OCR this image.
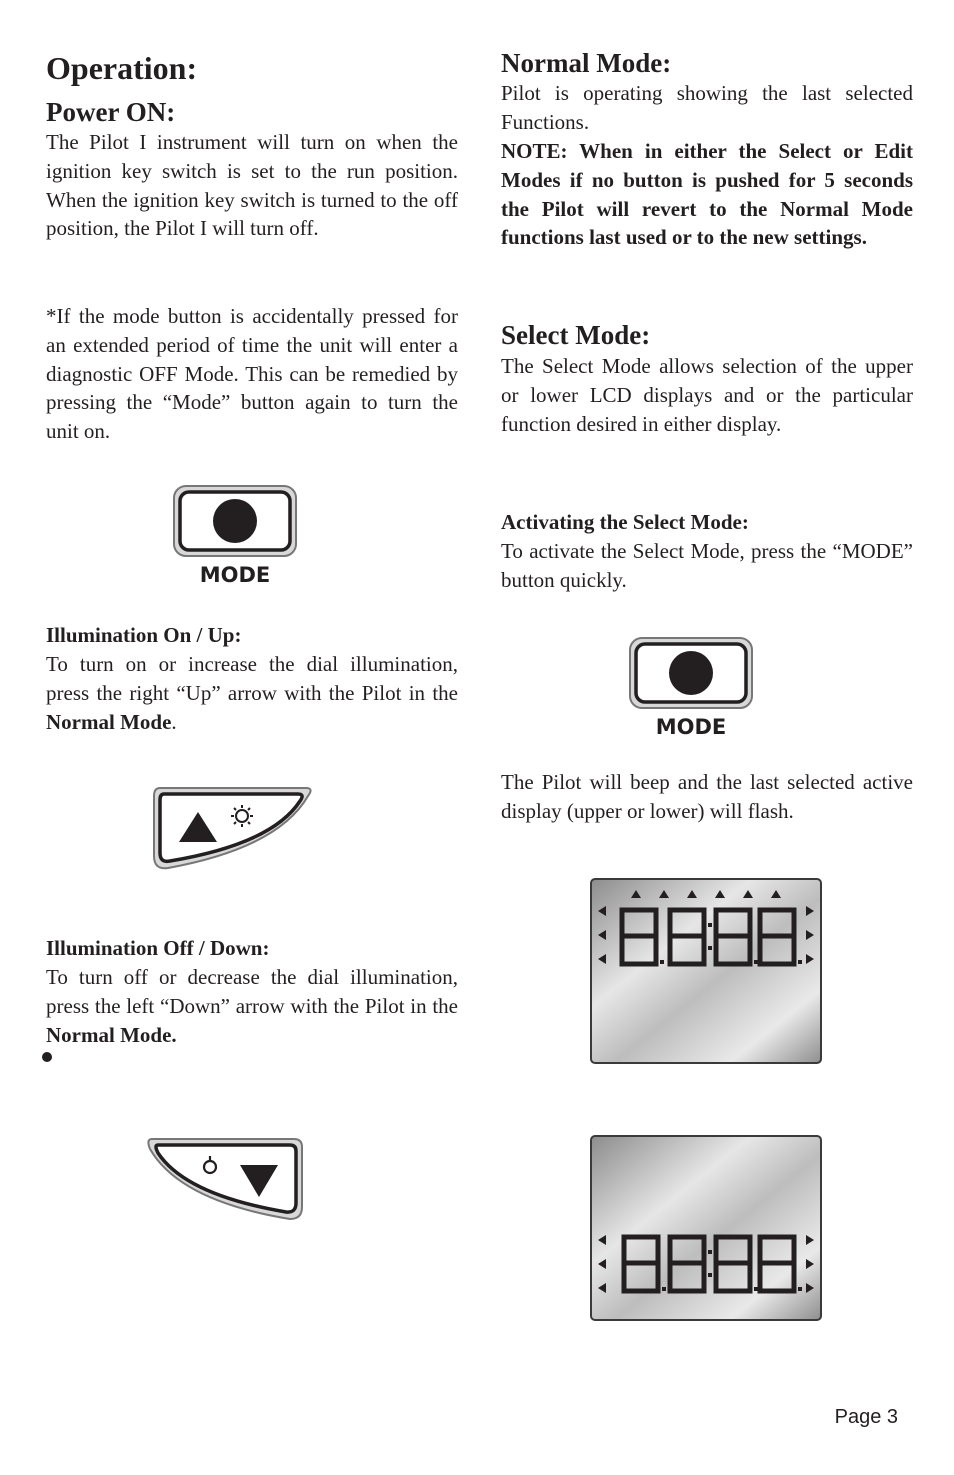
Operation:
Power ON:

The Pilot I instrument will turn on when the ignition key switch is set to the run position. When the ignition key switch is turned to the off position, the Pilot I will turn off.

*If the mode button is accidentally pressed for an extended period of time the unit will enter a diagnostic OFF Mode. This can be remedied by pressing the “Mode” button again to turn the unit on.

MODE
Illumination On / Up:

To turn on or increase the dial illumination, press the right “Up” arrow with the Pilot in the Normal Mode.

Illumination Off / Down:

To turn off or decrease the dial illumination, press the left “Down” arrow with the Pilot in the Normal Mode.

Normal Mode:

Pilot is operating showing the last selected Functions.

NOTE: When in either the Select or Edit Modes if no button is pushed for 5 seconds the Pilot will revert to the Normal Mode functions last used or to the new settings.

Select Mode:

The Select Mode allows selection of the upper or lower LCD displays and or the particular function desired in either display.

Activating the Select Mode:

To activate the Select Mode, press the “MODE” button quickly.

MODE

The Pilot will beep and the last selected active display (upper or lower) will flash.

Page 3
